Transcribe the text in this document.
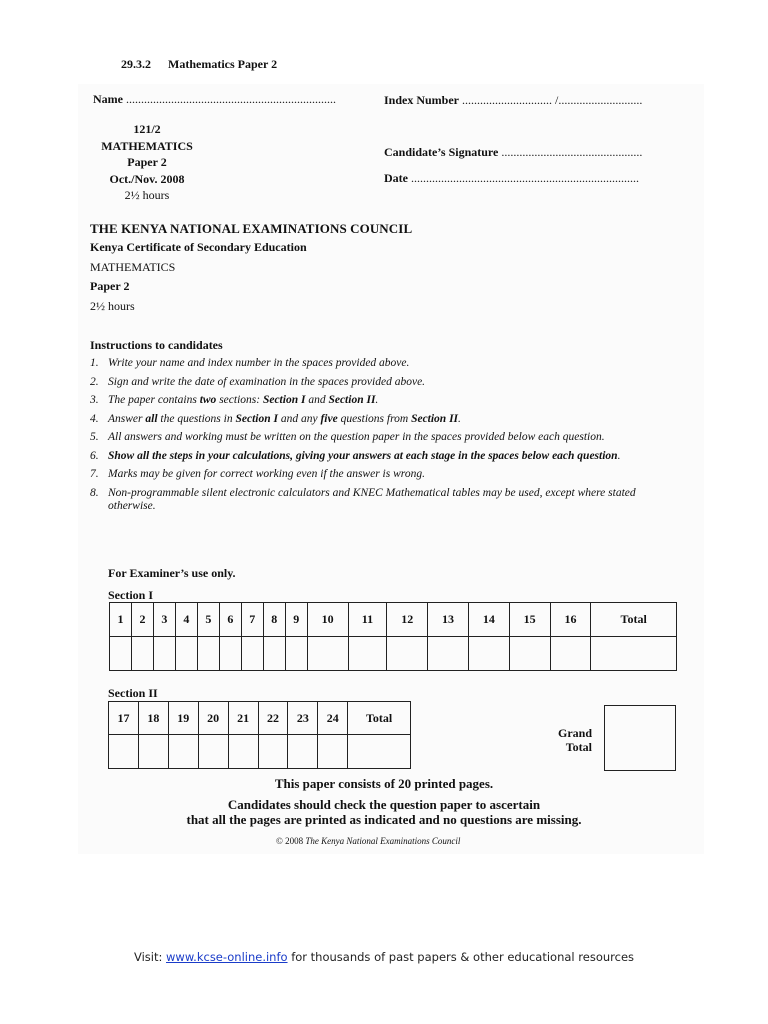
29.3.2 Mathematics Paper 2
Name ......................................................................	Index Number .............................. /............................
121/2
MATHEMATICS
Paper 2
Oct./Nov. 2008
2½ hours
Candidate’s Signature ...............................................
Date ............................................................................
THE KENYA NATIONAL EXAMINATIONS COUNCIL
Kenya Certificate of Secondary Education
MATHEMATICS
Paper 2
2½ hours
Instructions to candidates
1. Write your name and index number in the spaces provided above.
2. Sign and write the date of examination in the spaces provided above.
3. The paper contains two sections: Section I and Section II.
4. Answer all the questions in Section I and any five questions from Section II.
5. All answers and working must be written on the question paper in the spaces provided below each question.
6. Show all the steps in your calculations, giving your answers at each stage in the spaces below each question.
7. Marks may be given for correct working even if the answer is wrong.
8. Non-programmable silent electronic calculators and KNEC Mathematical tables may be used, except where stated otherwise.
For Examiner’s use only.
Section I
1	2	3	4	5	6	7	8	9	10	11	12	13	14	15	16	Total

Section II
17	18	19	20	21	22	23	24	Total

Grand
Total
This paper consists of 20 printed pages.
Candidates should check the question paper to ascertain
that all the pages are printed as indicated and no questions are missing.
© 2008 The Kenya National Examinations Council
Visit: www.kcse-online.info for thousands of past papers & other educational resources
